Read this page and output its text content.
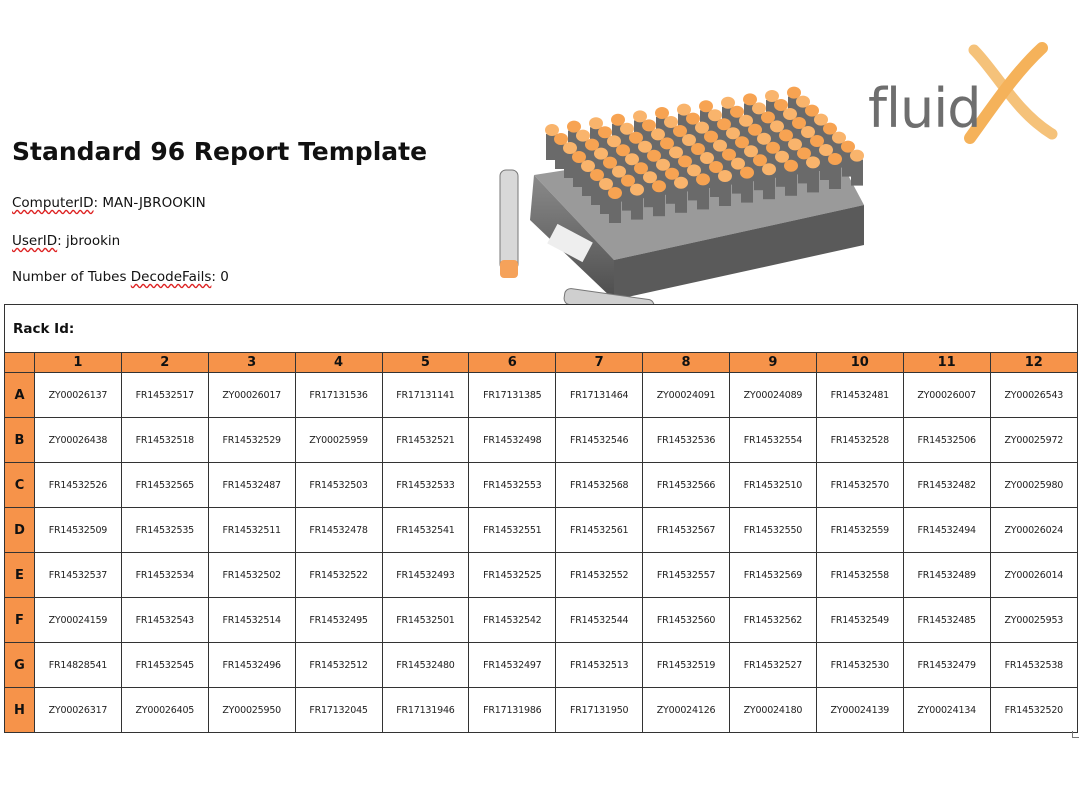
Standard 96 Report Template
ComputerID: MAN-JBROOKIN
UserID: jbrookin
Number of Tubes DecodeFails: 0
fluid
Rack Id:
	1	2	3	4	5	6	7	8	9	10	11	12
A	ZY00026137	FR14532517	ZY00026017	FR17131536	FR17131141	FR17131385	FR17131464	ZY00024091	ZY00024089	FR14532481	ZY00026007	ZY00026543
B	ZY00026438	FR14532518	FR14532529	ZY00025959	FR14532521	FR14532498	FR14532546	FR14532536	FR14532554	FR14532528	FR14532506	ZY00025972
C	FR14532526	FR14532565	FR14532487	FR14532503	FR14532533	FR14532553	FR14532568	FR14532566	FR14532510	FR14532570	FR14532482	ZY00025980
D	FR14532509	FR14532535	FR14532511	FR14532478	FR14532541	FR14532551	FR14532561	FR14532567	FR14532550	FR14532559	FR14532494	ZY00026024
E	FR14532537	FR14532534	FR14532502	FR14532522	FR14532493	FR14532525	FR14532552	FR14532557	FR14532569	FR14532558	FR14532489	ZY00026014
F	ZY00024159	FR14532543	FR14532514	FR14532495	FR14532501	FR14532542	FR14532544	FR14532560	FR14532562	FR14532549	FR14532485	ZY00025953
G	FR14828541	FR14532545	FR14532496	FR14532512	FR14532480	FR14532497	FR14532513	FR14532519	FR14532527	FR14532530	FR14532479	FR14532538
H	ZY00026317	ZY00026405	ZY00025950	FR17132045	FR17131946	FR17131986	FR17131950	ZY00024126	ZY00024180	ZY00024139	ZY00024134	FR14532520
